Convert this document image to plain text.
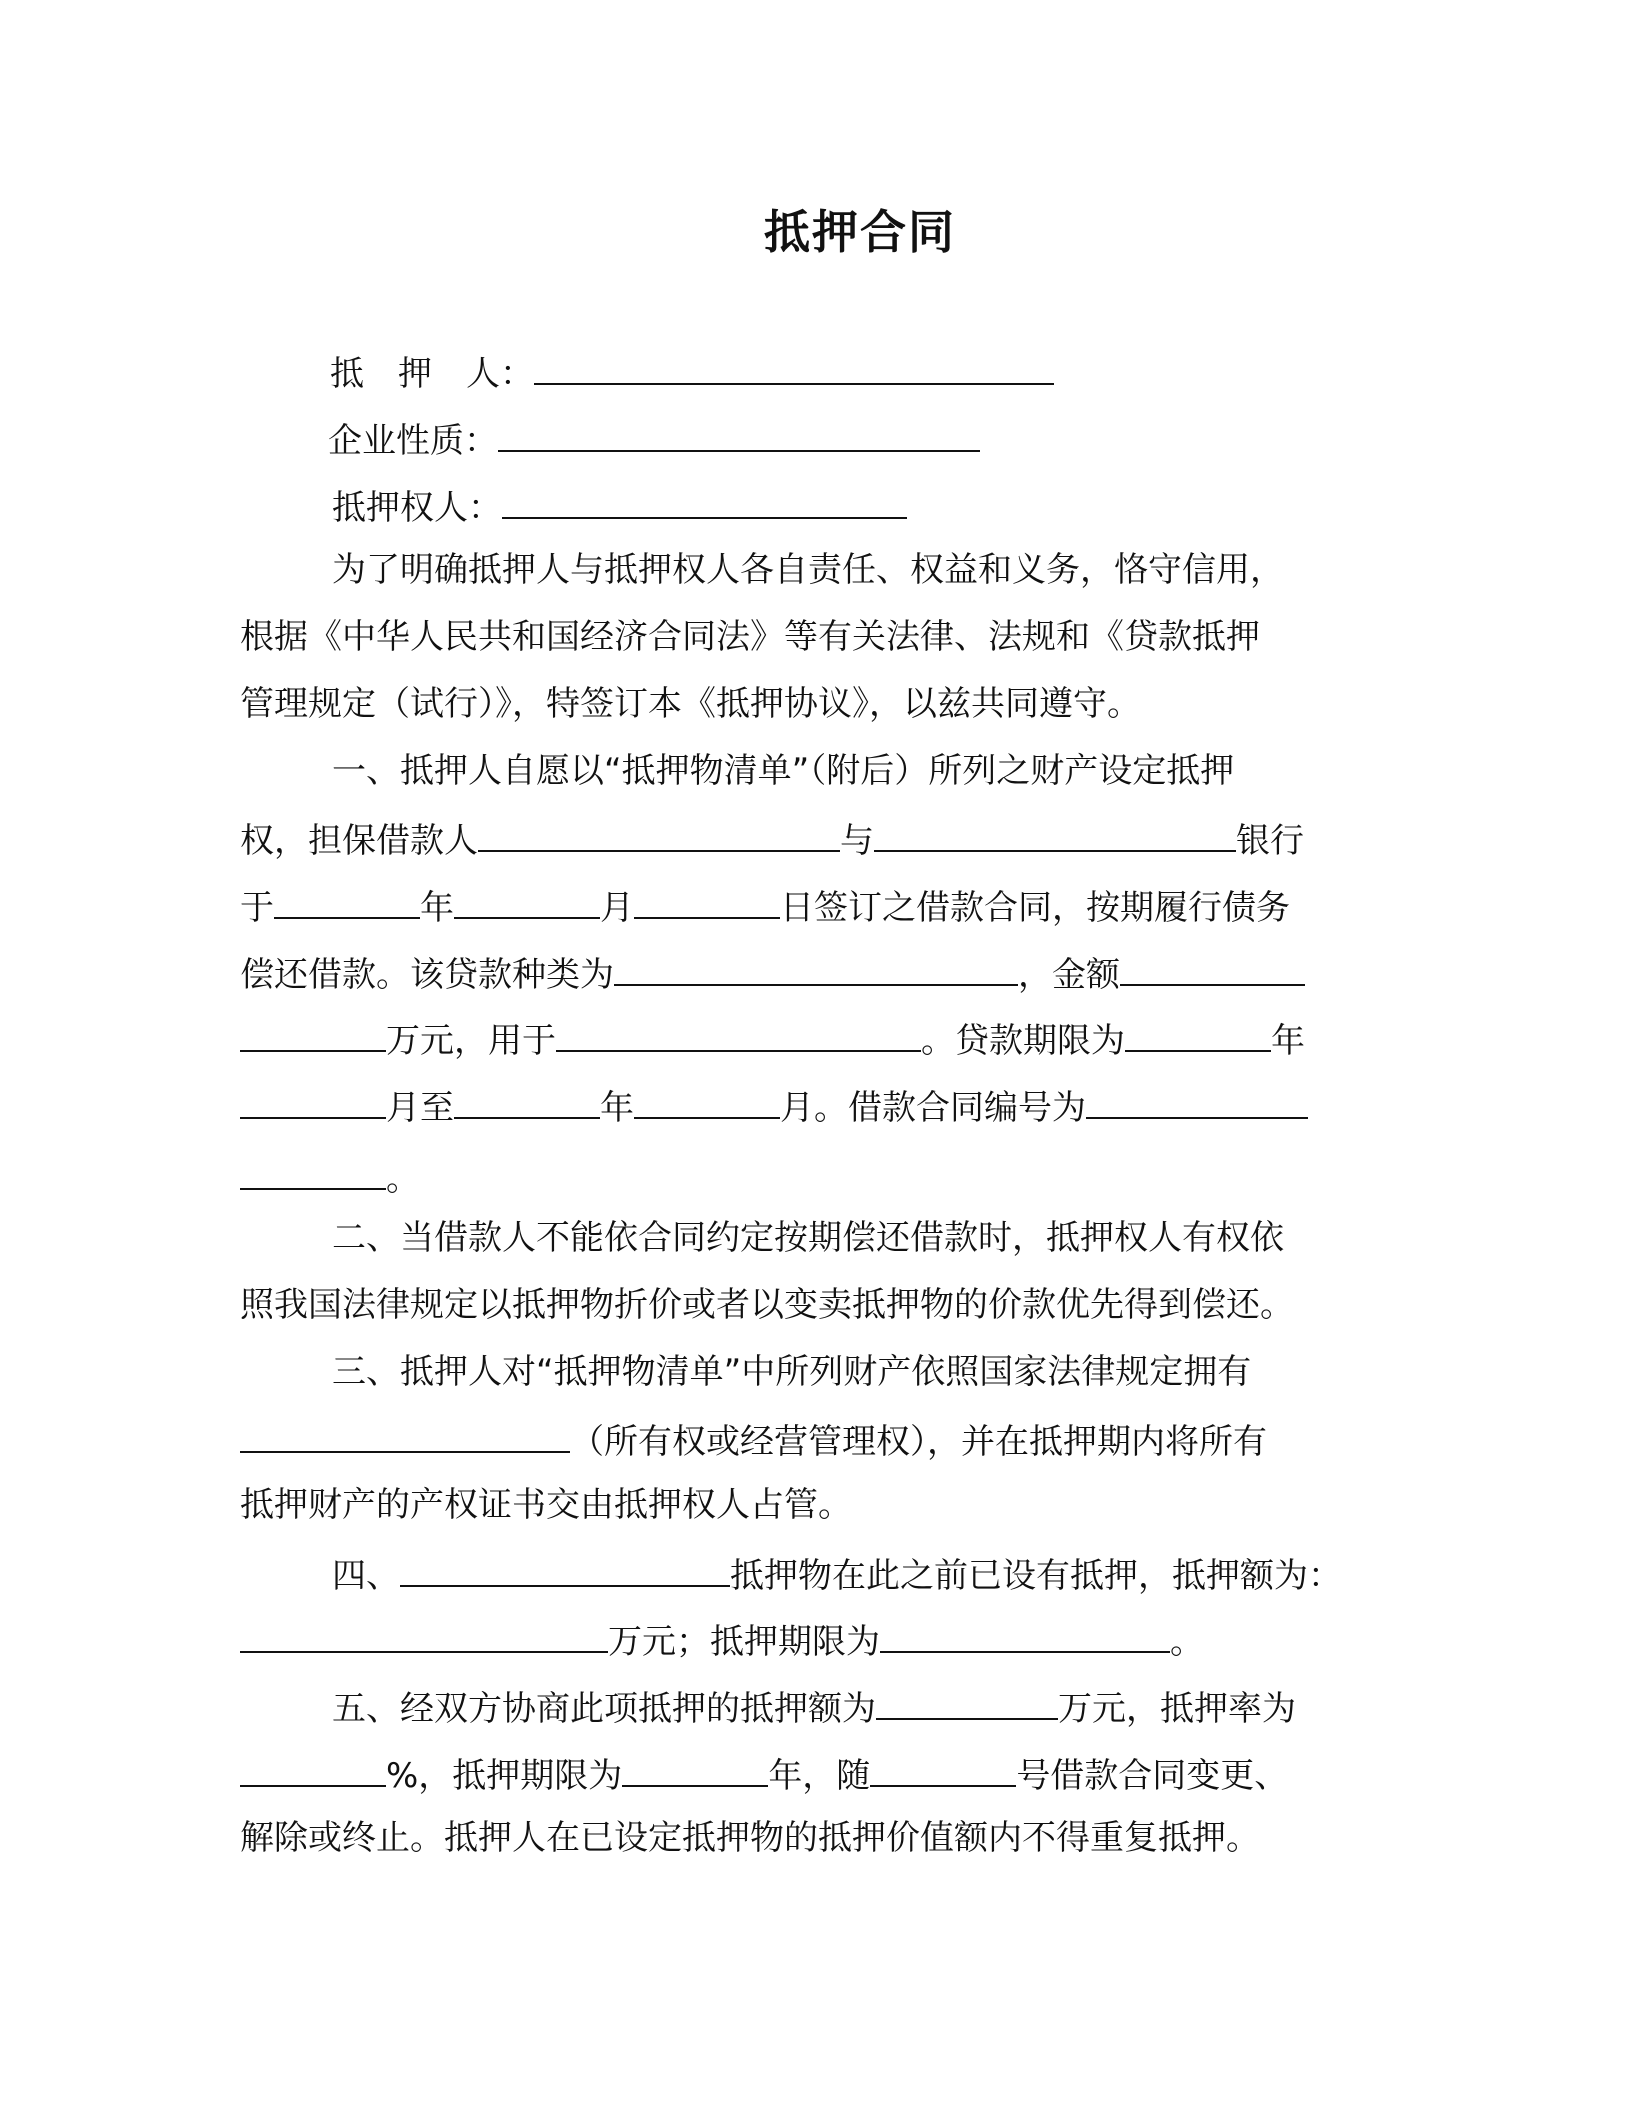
抵押合同
抵　押　人：
企业性质：
抵押权人：
为了明确抵押人与抵押权人各自责任、权益和义务，恪守信用，
根据《中华人民共和国经济合同法》等有关法律、法规和《贷款抵押
管理规定（试行）》，特签订本《抵押协议》，以兹共同遵守。
一、抵押人自愿以“抵押物清单”（附后）所列之财产设定抵押
权，担保借款人	与	银行
于	年	月	日签订之借款合同，按期履行债务
偿还借款。该贷款种类为	，金额
万元，用于	。贷款期限为	年
月至	年	月。借款合同编号为
。
二、当借款人不能依合同约定按期偿还借款时，抵押权人有权依
照我国法律规定以抵押物折价或者以变卖抵押物的价款优先得到偿还。
三、抵押人对“抵押物清单”中所列财产依照国家法律规定拥有
（所有权或经营管理权），并在抵押期内将所有
抵押财产的产权证书交由抵押权人占管。
四、	抵押物在此之前已设有抵押，抵押额为：
万元；抵押期限为	。
五、经双方协商此项抵押的抵押额为	万元，抵押率为
%，抵押期限为	年，随	号借款合同变更、
解除或终止。抵押人在已设定抵押物的抵押价值额内不得重复抵押。
